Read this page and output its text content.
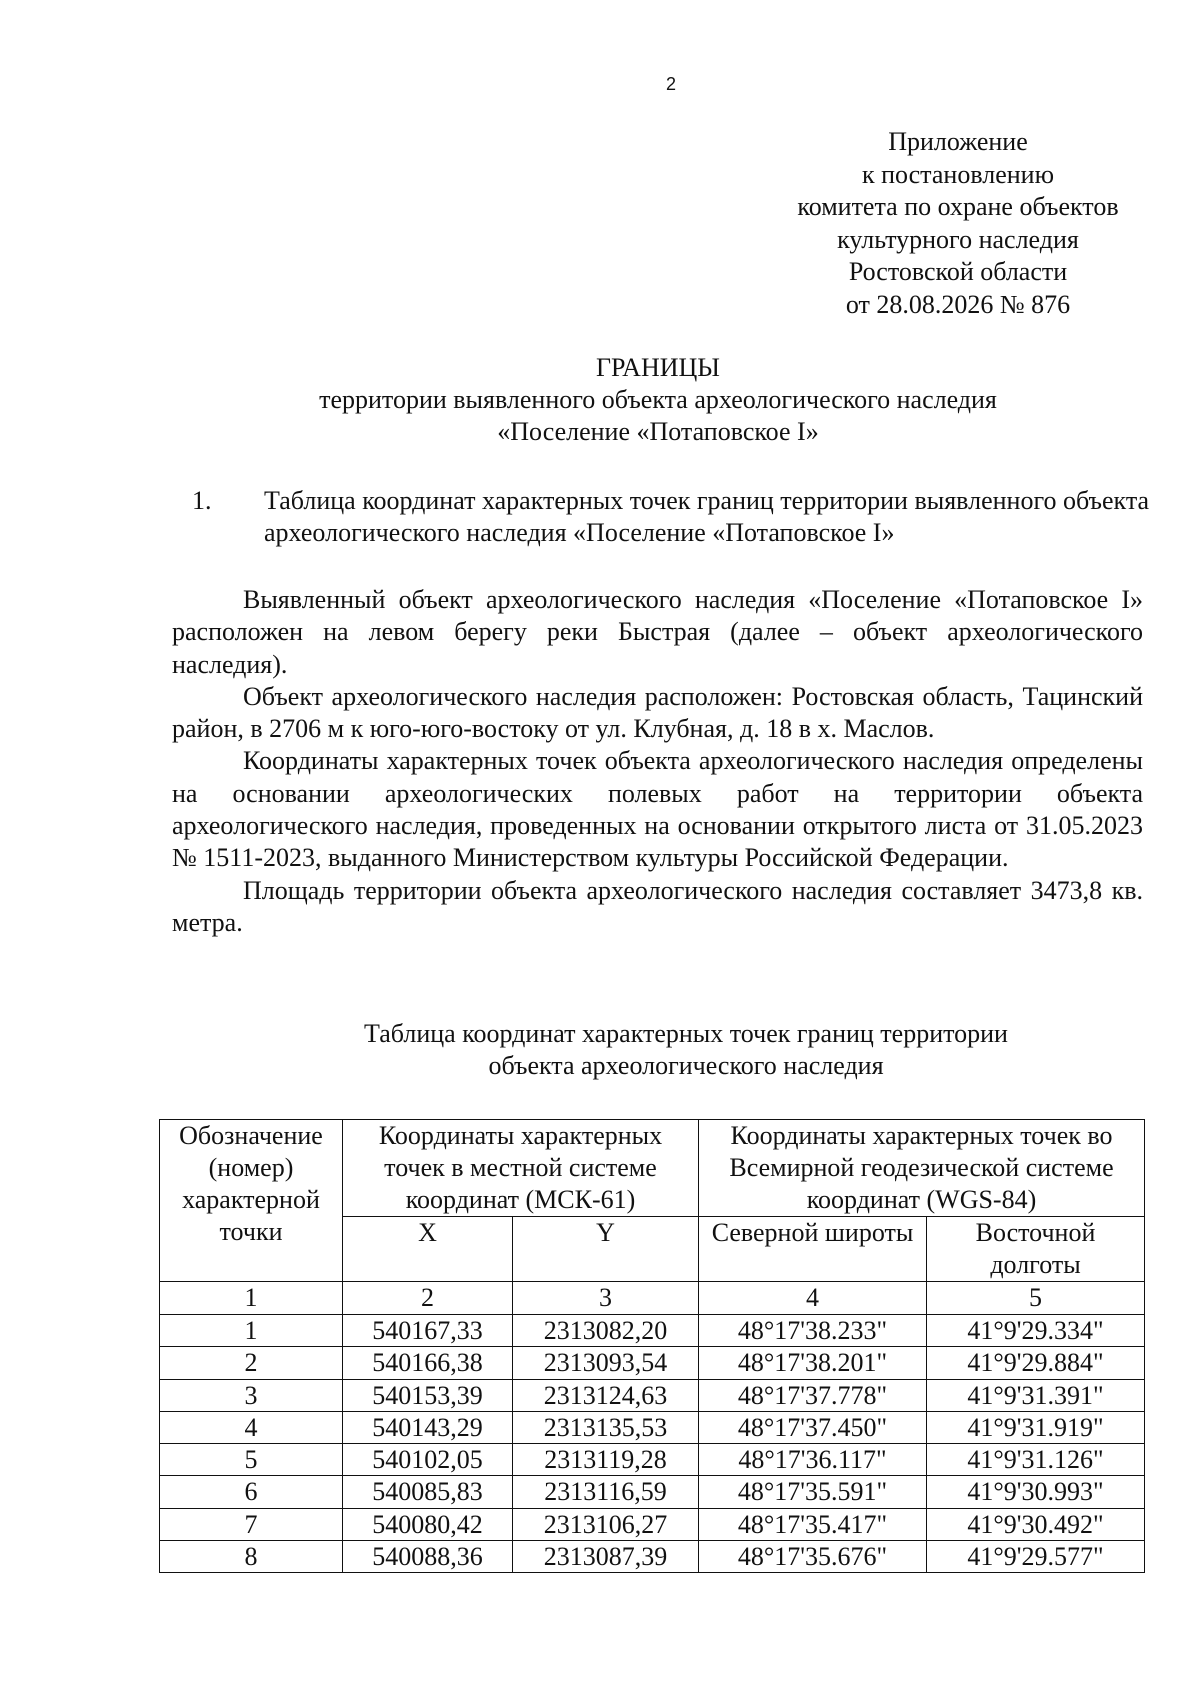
2
Приложение
к постановлению
комитета по охране объектов
культурного наследия
Ростовской области
от 28.08.2026 № 876
ГРАНИЦЫ
территории выявленного объекта археологического наследия
«Поселение «Потаповское I»
1. Таблица координат характерных точек границ территории выявленного объекта археологического наследия «Поселение «Потаповское I»

Выявленный объект археологического наследия «Поселение «Потаповское I» расположен на левом берегу реки Быстрая (далее – объект археологического наследия).

Объект археологического наследия расположен: Ростовская область, Тацинский район, в 2706 м к юго-юго-востоку от ул. Клубная, д. 18 в х. Маслов.

Координаты характерных точек объекта археологического наследия определены на основании археологических полевых работ на территории объекта археологического наследия, проведенных на основании открытого листа от 31.05.2023 № 1511-2023, выданного Министерством культуры Российской Федерации.

Площадь территории объекта археологического наследия составляет 3473,8 кв. метра.

Таблица координат характерных точек границ территории
объекта археологического наследия
Обозначение (номер) характерной точки	Координаты характерных точек в местной системе координат (МСК-61)		Координаты характерных точек во Всемирной геодезической системе координат (WGS-84)	
	X	Y	Северной широты	Восточной долготы
1	2	3	4	5
1	540167,33	2313082,20	48°17'38.233"	41°9'29.334"
2	540166,38	2313093,54	48°17'38.201"	41°9'29.884"
3	540153,39	2313124,63	48°17'37.778"	41°9'31.391"
4	540143,29	2313135,53	48°17'37.450"	41°9'31.919"
5	540102,05	2313119,28	48°17'36.117"	41°9'31.126"
6	540085,83	2313116,59	48°17'35.591"	41°9'30.993"
7	540080,42	2313106,27	48°17'35.417"	41°9'30.492"
8	540088,36	2313087,39	48°17'35.676"	41°9'29.577"
